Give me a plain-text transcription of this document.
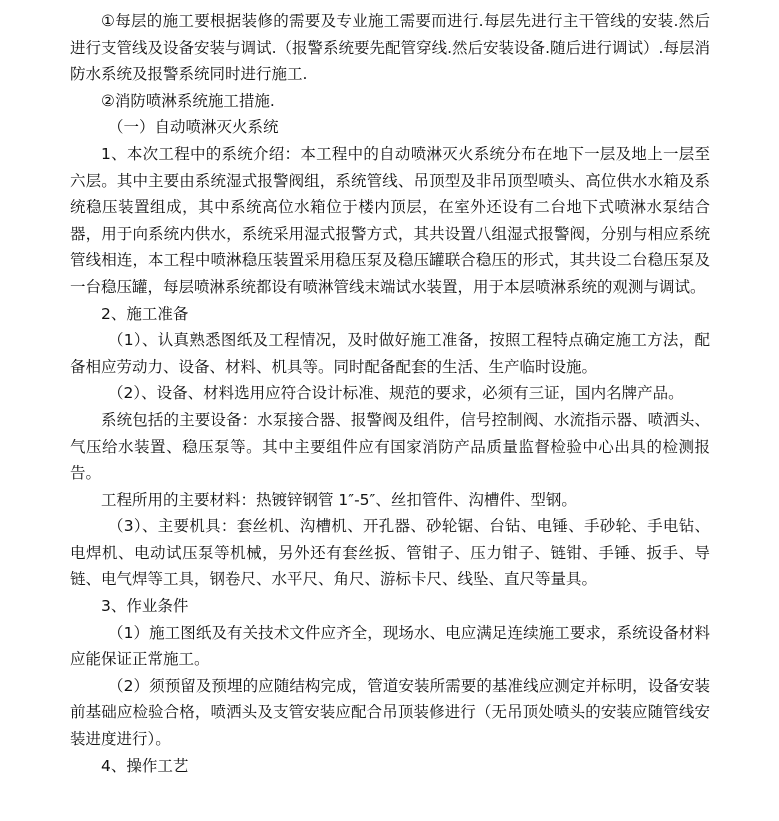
①每层的施工要根据装修的需要及专业施工需要而进行.每层先进行主干管线的安装.然后进行支管线及设备安装与调试.（报警系统要先配管穿线.然后安装设备.随后进行调试）.每层消防水系统及报警系统同时进行施工.

②消防喷淋系统施工措施.

（一）自动喷淋灭火系统

1、本次工程中的系统介绍：本工程中的自动喷淋灭火系统分布在地下一层及地上一层至六层。其中主要由系统湿式报警阀组，系统管线、吊顶型及非吊顶型喷头、高位供水水箱及系统稳压装置组成，其中系统高位水箱位于楼内顶层，在室外还设有二台地下式喷淋水泵结合器，用于向系统内供水，系统采用湿式报警方式，其共设置八组湿式报警阀，分别与相应系统管线相连，本工程中喷淋稳压装置采用稳压泵及稳压罐联合稳压的形式，其共设二台稳压泵及一台稳压罐，每层喷淋系统都设有喷淋管线末端试水装置，用于本层喷淋系统的观测与调试。

2、施工准备

（1）、认真熟悉图纸及工程情况，及时做好施工准备，按照工程特点确定施工方法，配备相应劳动力、设备、材料、机具等。同时配备配套的生活、生产临时设施。

（2）、设备、材料选用应符合设计标准、规范的要求，必须有三证，国内名牌产品。

系统包括的主要设备：水泵接合器、报警阀及组件，信号控制阀、水流指示器、喷洒头、气压给水装置、稳压泵等。其中主要组件应有国家消防产品质量监督检验中心出具的检测报告。

工程所用的主要材料：热镀锌钢管 1″-5″、丝扣管件、沟槽件、型钢。

（3）、主要机具：套丝机、沟槽机、开孔器、砂轮锯、台钻、电锤、手砂轮、手电钻、电焊机、电动试压泵等机械，另外还有套丝扳、管钳子、压力钳子、链钳、手锤、扳手、导链、电气焊等工具，钢卷尺、水平尺、角尺、游标卡尺、线坠、直尺等量具。

3、作业条件

（1）施工图纸及有关技术文件应齐全，现场水、电应满足连续施工要求，系统设备材料应能保证正常施工。

（2）须预留及预埋的应随结构完成，管道安装所需要的基准线应测定并标明，设备安装前基础应检验合格，喷洒头及支管安装应配合吊顶装修进行（无吊顶处喷头的安装应随管线安装进度进行）。

4、操作工艺
